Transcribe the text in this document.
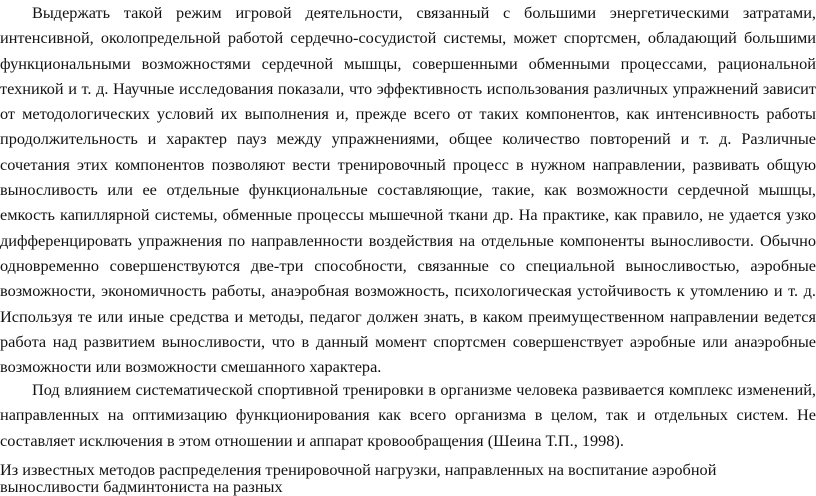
Выдержать такой режим игровой деятельности, связанный с большими энергетическими затратами, интенсивной, околопредельной работой сердечно-сосудистой системы, может спортсмен, обладающий большими функциональными возможностями сердечной мышцы, совершенными обменными процессами, рациональной техникой и т. д. Научные исследования показали, что эффективность использования различных упражнений зависит от методологических условий их выполнения и, прежде всего от таких компонентов, как интенсивность работы продолжительность и характер пауз между упражнениями, общее количество повторений и т. д. Различные сочетания этих компонентов позволяют вести тренировочный процесс в нужном направлении, развивать общую выносливость или ее отдельные функциональные составляющие, такие, как возможности сердечной мышцы, емкость капиллярной системы, обменные процессы мышечной ткани др. На практике, как правило, не удается узко дифференцировать упражнения по направленности воздействия на отдельные компоненты выносливости. Обычно одновременно совершенствуются две-три способности, связанные со специальной выносливостью, аэробные возможности, экономичность работы, анаэробная возможность, психологическая устойчивость к утомлению и т. д. Используя те или иные средства и методы, педагог должен знать, в каком преимущественном направлении ведется работа над развитием выносливости, что в данный момент спортсмен совершенствует аэробные или анаэробные возможности или возможности смешанного характера.

Под влиянием систематической спортивной тренировки в организме человека развивается комплекс изменений, направленных на оптимизацию функционирования как всего организма в целом, так и отдельных систем. Не составляет исключения в этом отношении и аппарат кровообращения (Шеина Т.П., 1998).

Из известных методов распределения тренировочной нагрузки, направленных на воспитание аэробной выносливости бадминтониста на разных
